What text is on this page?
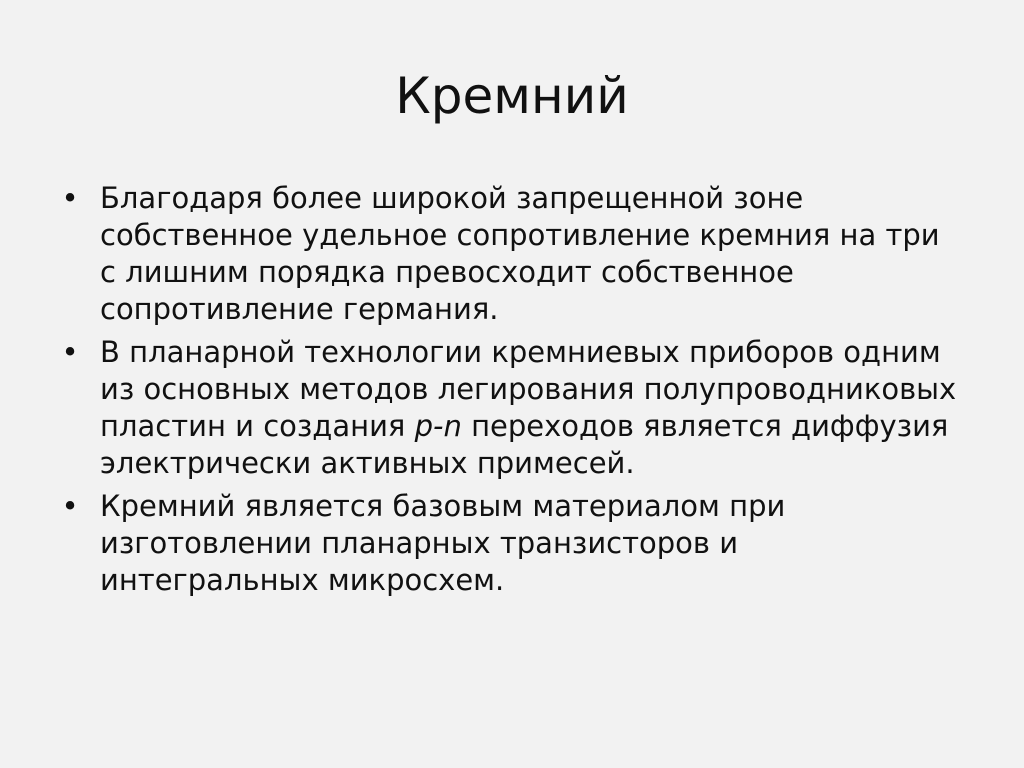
Кремний
• Благодаря более широкой запрещенной зоне собственное удельное сопротивление кремния на три с лишним порядка превосходит собственное сопротивление германия.
• В планарной технологии кремниевых приборов одним из основных методов легирования полупроводниковых пластин и создания p-n переходов является диффузия электрически активных примесей.
• Кремний является базовым материалом при изготовлении планарных транзисторов и интегральных микросхем.
